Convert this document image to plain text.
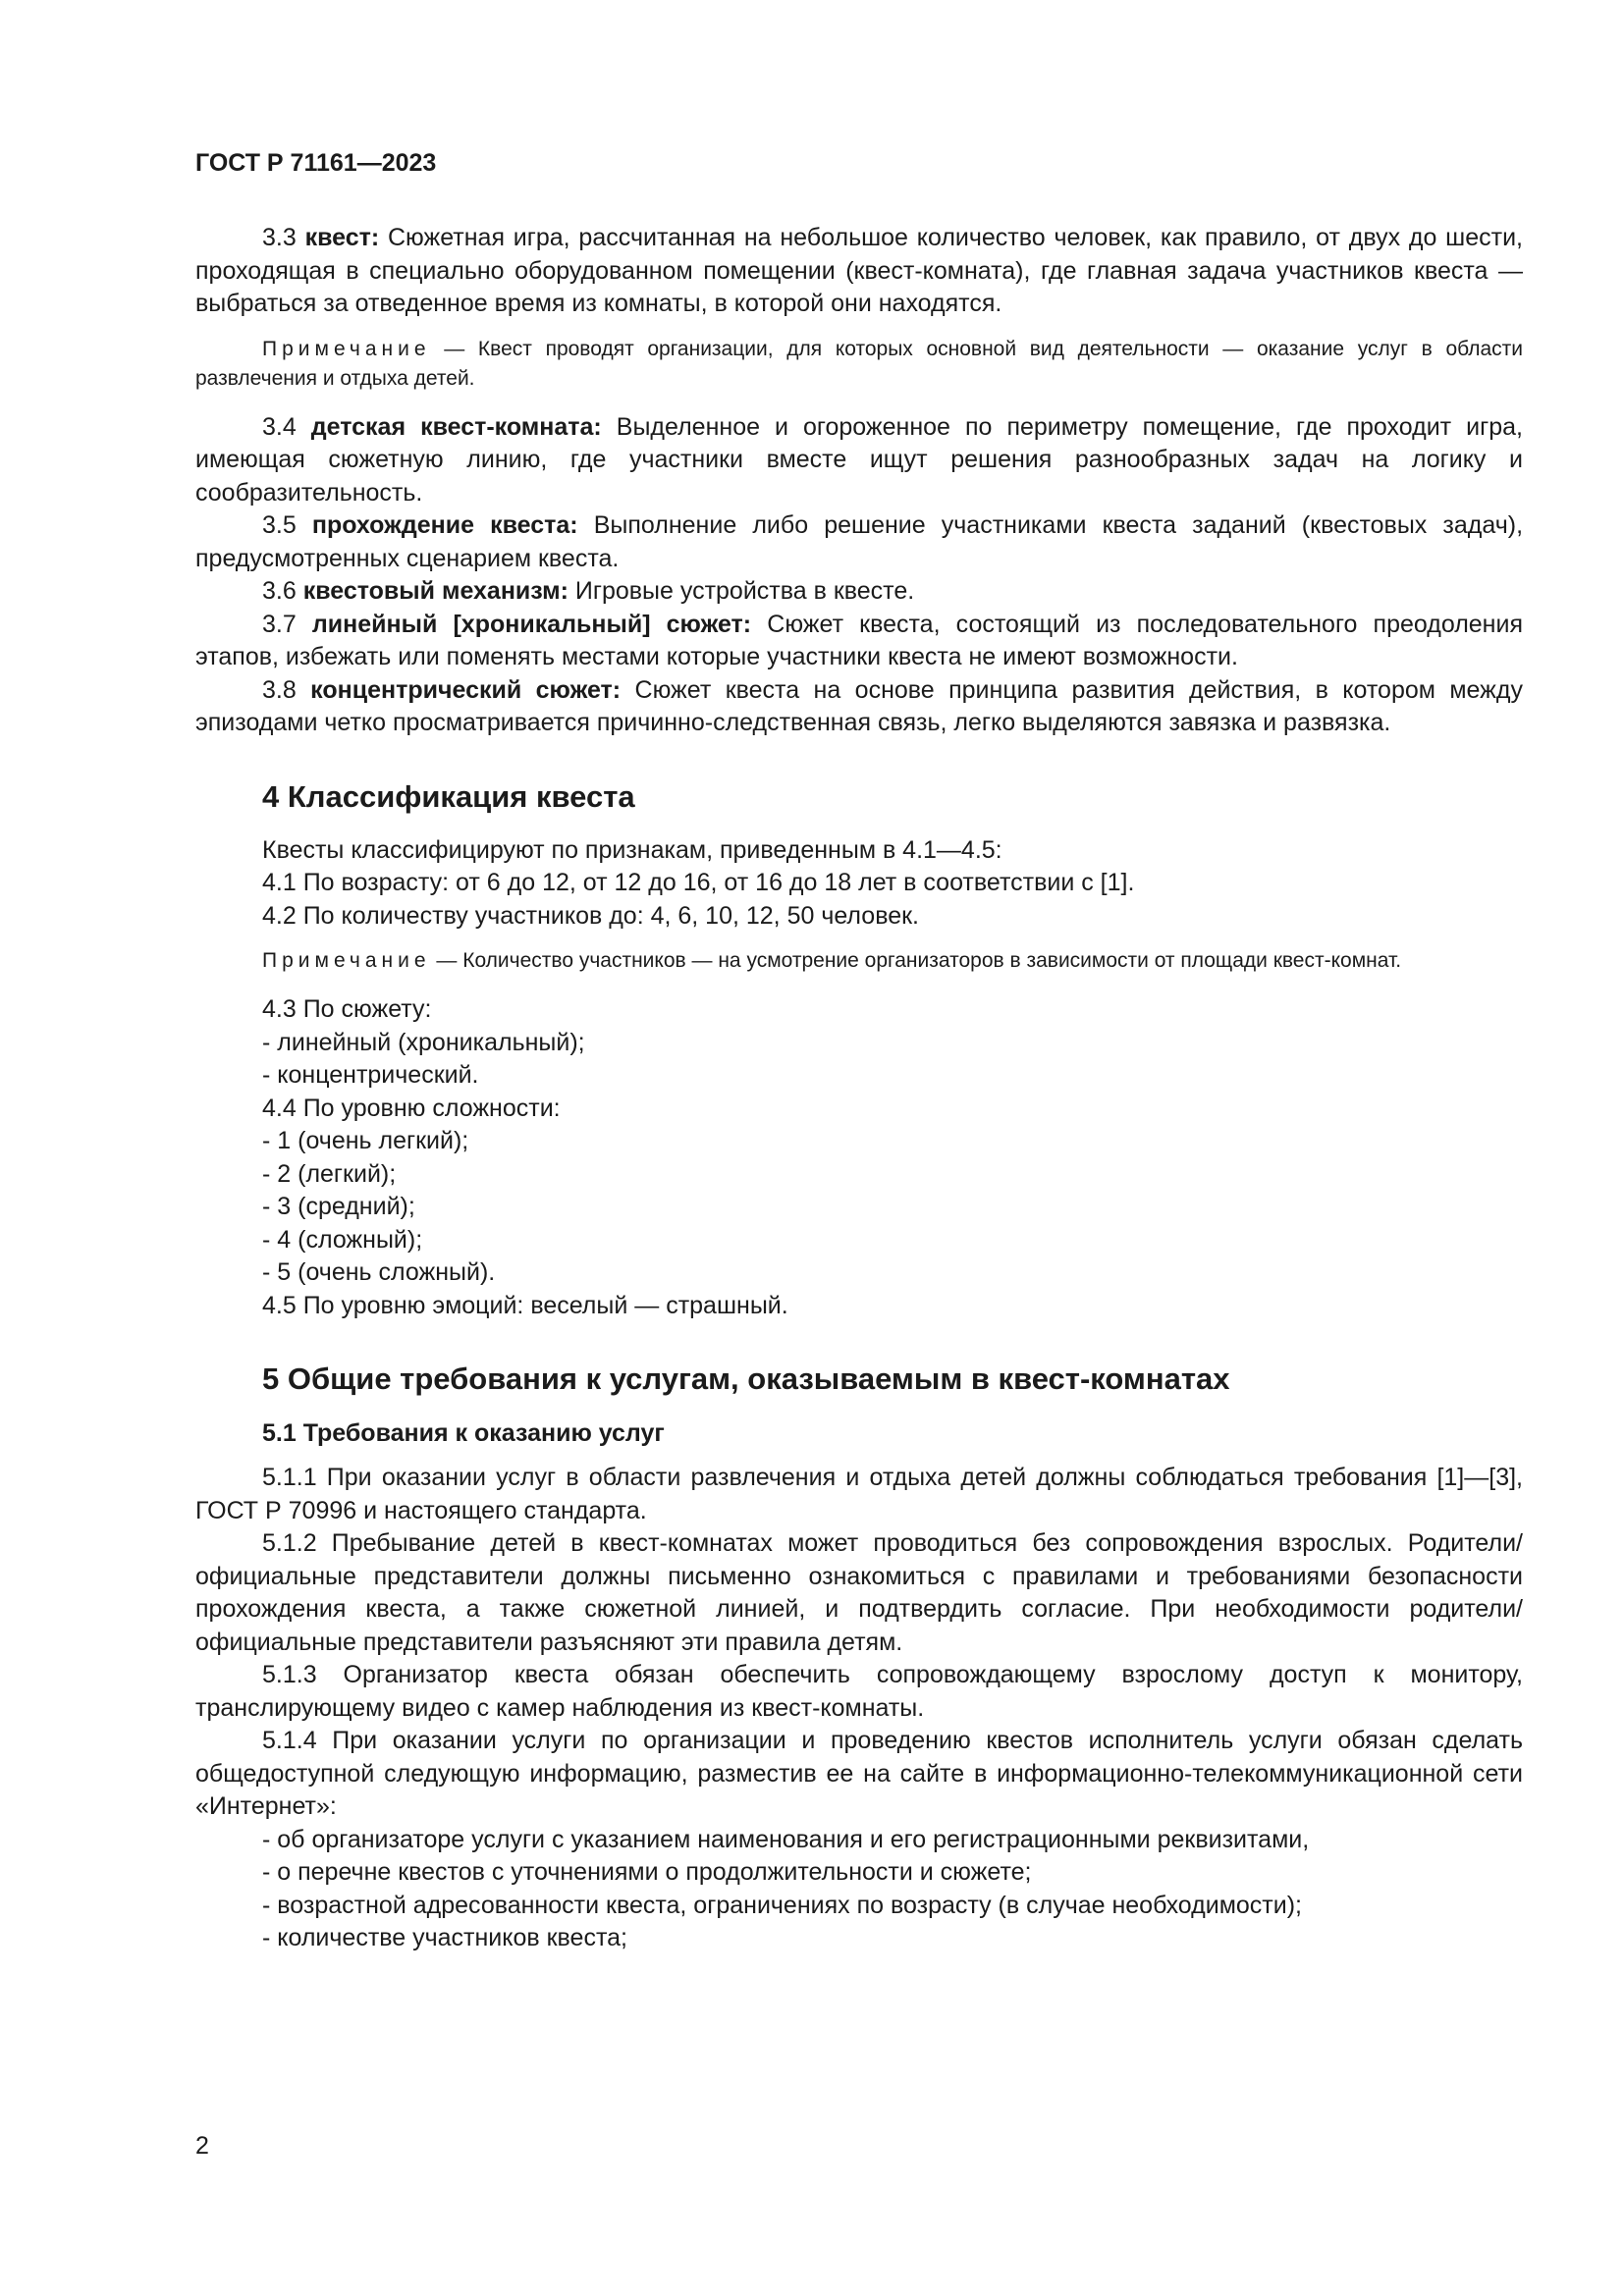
ГОСТ Р 71161—2023

3.3 квест: Сюжетная игра, рассчитанная на небольшое количество человек, как правило, от двух до шести, проходящая в специально оборудованном помещении (квест-комната), где главная задача участников квеста — выбраться за отведенное время из комнаты, в которой они находятся.

Примечание — Квест проводят организации, для которых основной вид деятельности — оказание услуг в области развлечения и отдыха детей.

3.4 детская квест-комната: Выделенное и огороженное по периметру помещение, где проходит игра, имеющая сюжетную линию, где участники вместе ищут решения разнообразных задач на логику и сообразительность.

3.5 прохождение квеста: Выполнение либо решение участниками квеста заданий (квестовых задач), предусмотренных сценарием квеста.

3.6 квестовый механизм: Игровые устройства в квесте.

3.7 линейный [хроникальный] сюжет: Сюжет квеста, состоящий из последовательного преодоления этапов, избежать или поменять местами которые участники квеста не имеют возможности.

3.8 концентрический сюжет: Сюжет квеста на основе принципа развития действия, в котором между эпизодами четко просматривается причинно-следственная связь, легко выделяются завязка и развязка.

4 Классификация квеста

Квесты классифицируют по признакам, приведенным в 4.1—4.5:

4.1 По возрасту: от 6 до 12, от 12 до 16, от 16 до 18 лет в соответствии с [1].

4.2 По количеству участников до: 4, 6, 10, 12, 50 человек.

Примечание — Количество участников — на усмотрение организаторов в зависимости от площади квест-комнат.

4.3 По сюжету:

- линейный (хроникальный);

- концентрический.

4.4 По уровню сложности:

- 1 (очень легкий);

- 2 (легкий);

- 3 (средний);

- 4 (сложный);

- 5 (очень сложный).

4.5 По уровню эмоций: веселый — страшный.

5 Общие требования к услугам, оказываемым в квест-комнатах
5.1 Требования к оказанию услуг

5.1.1 При оказании услуг в области развлечения и отдыха детей должны соблюдаться требования [1]—[3], ГОСТ Р 70996 и настоящего стандарта.

5.1.2 Пребывание детей в квест-комнатах может проводиться без сопровождения взрослых. Родители/официальные представители должны письменно ознакомиться с правилами и требованиями безопасности прохождения квеста, а также сюжетной линией, и подтвердить согласие. При необходимости родители/официальные представители разъясняют эти правила детям.

5.1.3 Организатор квеста обязан обеспечить сопровождающему взрослому доступ к монитору, транслирующему видео с камер наблюдения из квест-комнаты.

5.1.4 При оказании услуги по организации и проведению квестов исполнитель услуги обязан сделать общедоступной следующую информацию, разместив ее на сайте в информационно-телекоммуникационной сети «Интернет»:

- об организаторе услуги с указанием наименования и его регистрационными реквизитами,

- о перечне квестов с уточнениями о продолжительности и сюжете;

- возрастной адресованности квеста, ограничениях по возрасту (в случае необходимости);

- количестве участников квеста;

2
